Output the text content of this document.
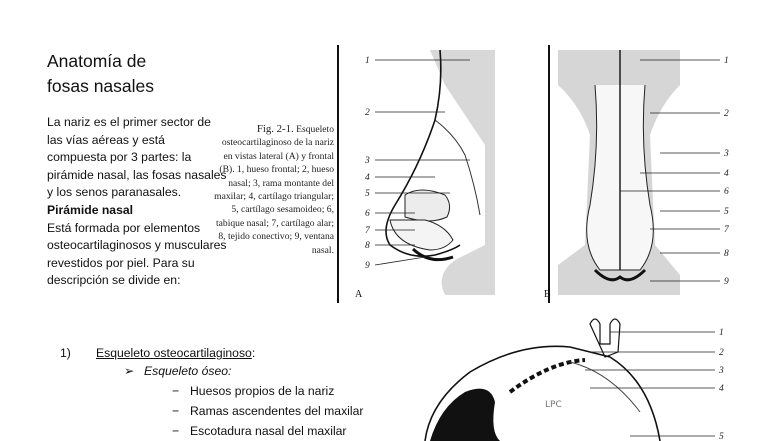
Anatomía de
fosas nasales
La nariz es el primer sector de las vías aéreas y está compuesta por 3 partes: la pirámide nasal, las fosas nasales y los senos paranasales.
Pirámide nasal
Está formada por elementos osteocartilaginosos y musculares revestidos por piel. Para su descripción se divide en:
1) Esqueleto osteocartilaginoso:
➢ Esqueleto óseo:
− Huesos propios de la nariz
− Ramas ascendentes del maxilar
− Escotadura nasal del maxilar
Fig. 2-1. Esqueleto osteocartilaginoso de la nariz en vistas lateral (A) y frontal (B). 1, hueso frontal; 2, hueso nasal; 3, rama montante del maxilar; 4, cartílago triangular; 5, cartílago sesamoideo; 6, tabique nasal; 7, cartílago alar; 8, tejido conectivo; 9, ventana nasal.
1
2
3
4
5
6
7
8
9
A
1
2
3
4
6
5
7
8
9
B
LPC
1
2
3
4
5
